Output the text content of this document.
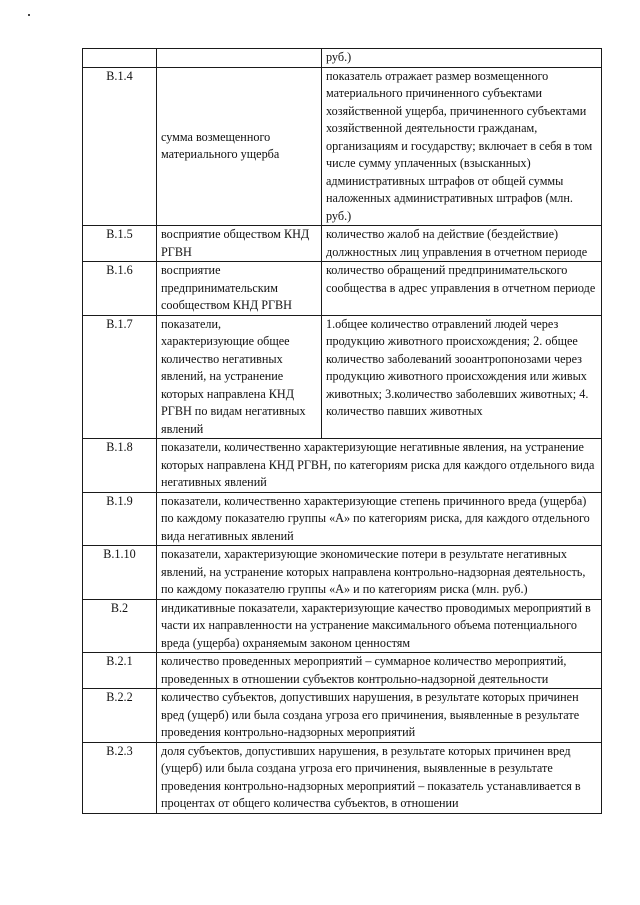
		руб.)
В.1.4	сумма возмещенного материального ущерба	показатель отражает размер возмещенного материального причиненного субъектами хозяйственной ущерба, причиненного субъектами хозяйственной деятельности гражданам, организациям и государству; включает в себя в том числе сумму уплаченных (взысканных) административных штрафов от общей суммы наложенных административных штрафов (млн. руб.)
В.1.5	восприятие обществом КНД РГВН	количество жалоб на действие (бездействие) должностных лиц управления в отчетном периоде
В.1.6	восприятие предпринимательским сообществом КНД РГВН	количество обращений предпринимательского сообщества в адрес управления в отчетном периоде
В.1.7	показатели, характеризующие общее количество негативных явлений, на устранение которых направлена КНД РГВН по видам негативных явлений	1.общее количество отравлений людей через продукцию животного происхождения; 2. общее количество заболеваний зооантропонозами через продукцию животного происхождения или живых животных; 3.количество заболевших животных; 4. количество павших животных
В.1.8	показатели, количественно характеризующие негативные явления, на устранение которых направлена КНД РГВН, по категориям риска для каждого отдельного вида негативных явлений	
В.1.9	показатели, количественно характеризующие степень причинного вреда (ущерба) по каждому показателю группы «А» по категориям риска, для каждого отдельного вида негативных явлений	
В.1.10	показатели, характеризующие экономические потери в результате негативных явлений, на устранение которых направлена контрольно-надзорная деятельность, по каждому показателю группы «А» и по категориям риска (млн. руб.)	
В.2	индикативные показатели, характеризующие качество проводимых мероприятий в части их направленности на устранение максимального объема потенциального вреда (ущерба) охраняемым законом ценностям	
В.2.1	количество проведенных мероприятий – суммарное количество мероприятий, проведенных в отношении субъектов контрольно-надзорной деятельности	
В.2.2	количество субъектов, допустивших нарушения, в результате которых причинен вред (ущерб) или была создана угроза его причинения, выявленные в результате проведения контрольно-надзорных мероприятий	
В.2.3	доля субъектов, допустивших нарушения, в результате которых причинен вред (ущерб) или была создана угроза его причинения, выявленные в результате проведения контрольно-надзорных мероприятий – показатель устанавливается в процентах от общего количества субъектов, в отношении	
